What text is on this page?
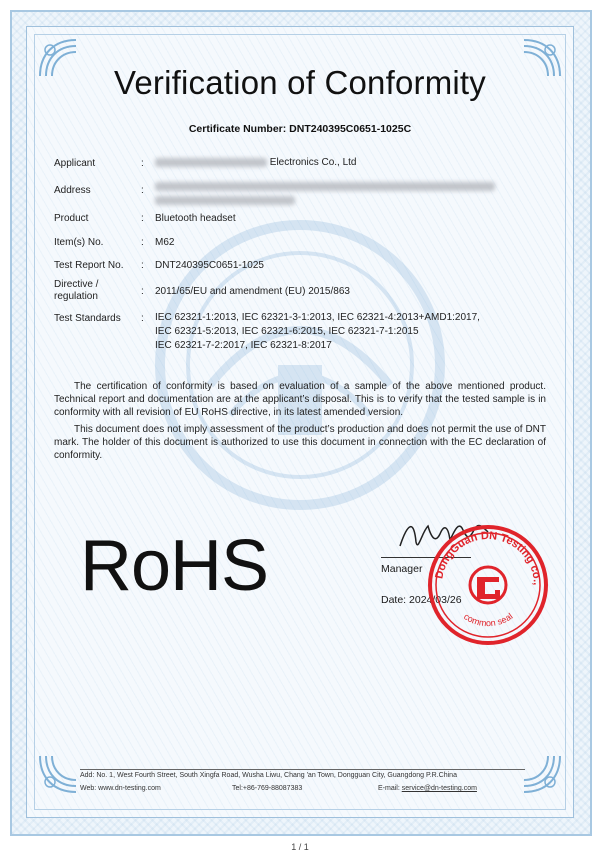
Verification of Conformity
Certificate Number: DNT240395C0651-1025C
Applicant	:	Electronics Co., Ltd
Address	:

Product	: Bluetooth headset
Item(s) No.	: M62
Test Report No. : DNT240395C0651-1025
Directive /
regulation	: 2011/65/EU and amendment (EU) 2015/863
Test Standards : IEC 62321-1:2013, IEC 62321-3-1:2013, IEC 62321-4:2013+AMD1:2017,
IEC 62321-5:2013, IEC 62321-6:2015, IEC 62321-7-1:2015
IEC 62321-7-2:2017, IEC 62321-8:2017
The certification of conformity is based on evaluation of a sample of the above mentioned product. Technical report and documentation are at the applicant’s disposal. This is to verify that the tested sample is in conformity with all revision of EU RoHS directive, in its latest amended version.
This document does not imply assessment of the product’s production and does not permit the use of DNT mark. The holder of this document is authorized to use this document in connection with the EC declaration of conformity.
RoHS	Manager
Date: 2024/03/26
DongGuan DN Testing co.,
common seal
Add: No. 1, West Fourth Street, South Xingfa Road, Wusha Liwu, Chang 'an Town, Dongguan City, Guangdong P.R.China
Web: www.dn-testing.com	Tel:+86-769-88087383	E-mail: service@dn-testing.com
1 / 1
